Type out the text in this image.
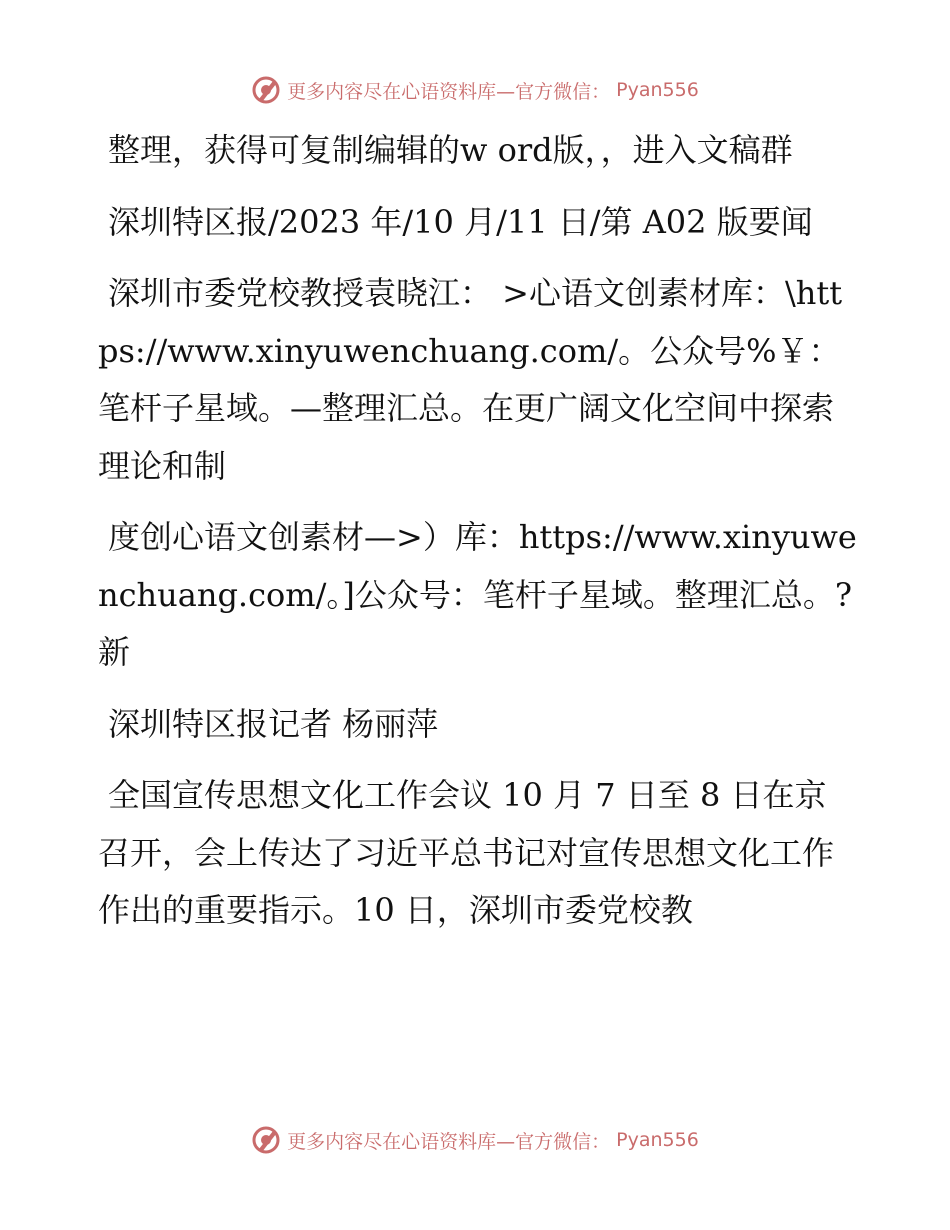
更多内容尽在心语资料库—官方微信： Pyan556

整理，获得可复制编辑的w ord版，，进入文稿群

深圳特区报/2023 年/10 月/11 日/第 A02 版要闻

深圳市委党校教授袁晓江： >心语文创素材库：\https://www.xinyuwenchuang.com/。公众号%￥：笔杆子星域。—整理汇总。在更广阔文化空间中探索理论和制

度创心语文创素材—>）库：https://www.xinyuwenchuang.com/。]公众号：笔杆子星域。整理汇总。?新

深圳特区报记者 杨丽萍

全国宣传思想文化工作会议 10 月 7 日至 8 日在京召开，会上传达了习近平总书记对宣传思想文化工作作出的重要指示。10 日，深圳市委党校教

更多内容尽在心语资料库—官方微信： Pyan556
